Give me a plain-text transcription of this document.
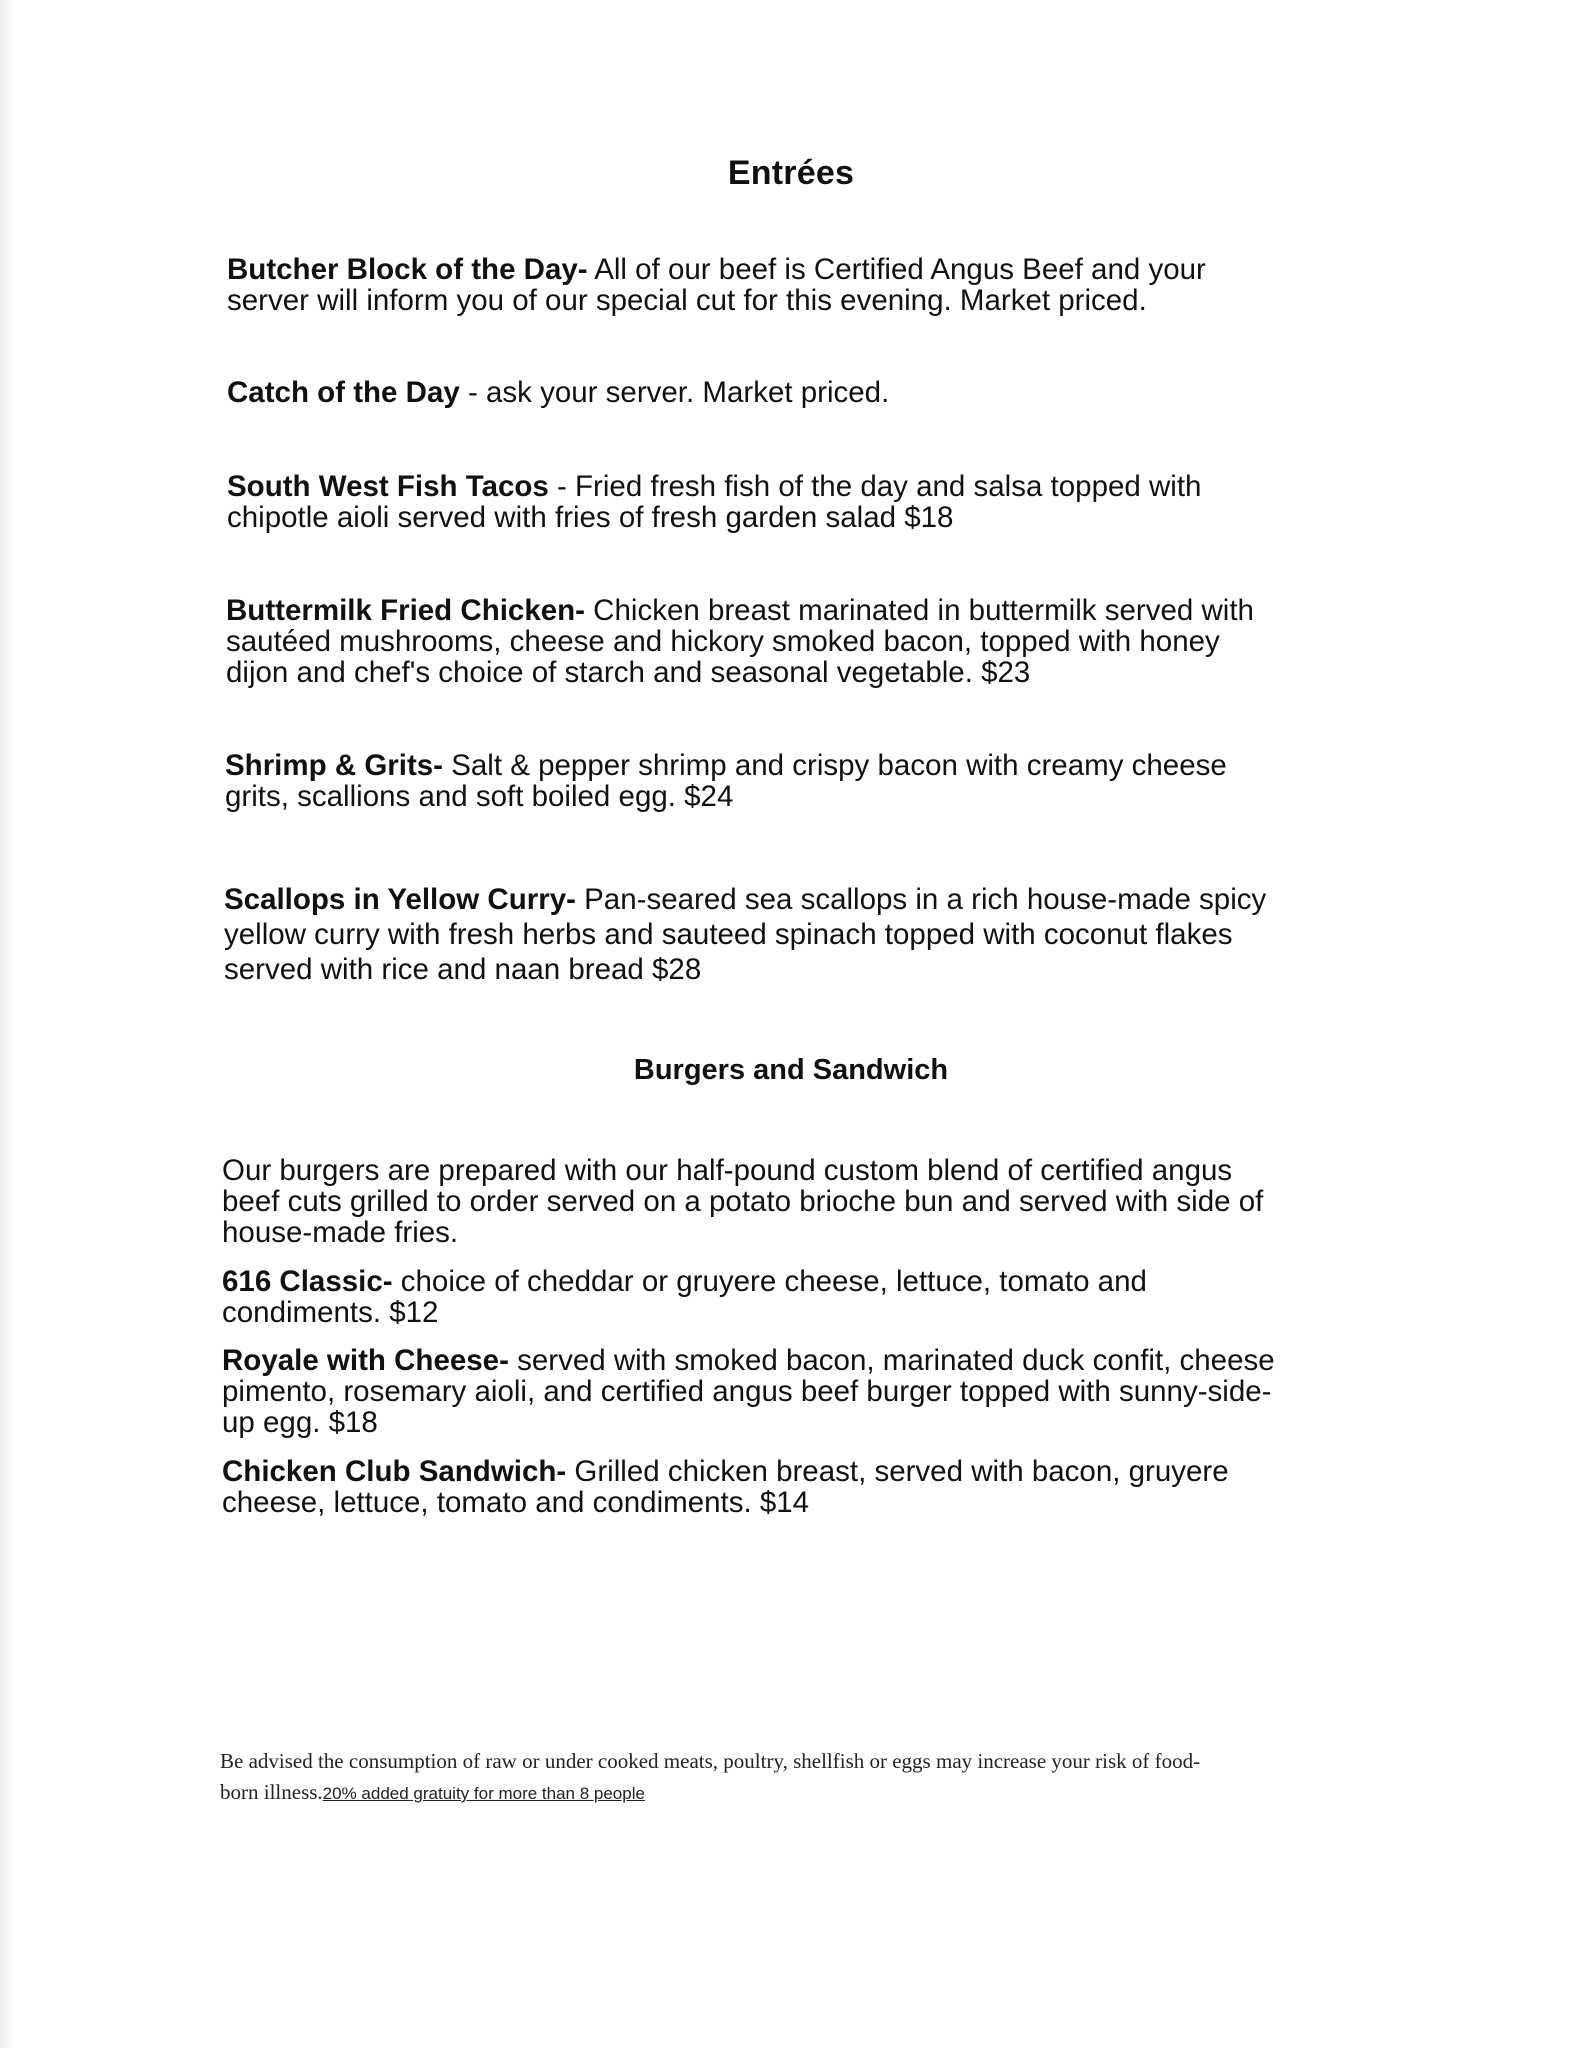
Entrées
Butcher Block of the Day- All of our beef is Certified Angus Beef and your
server will inform you of our special cut for this evening. Market priced.
Catch of the Day - ask your server. Market priced.
South West Fish Tacos - Fried fresh fish of the day and salsa topped with
chipotle aioli served with fries of fresh garden salad $18
Buttermilk Fried Chicken- Chicken breast marinated in buttermilk served with
sautéed mushrooms, cheese and hickory smoked bacon, topped with honey
dijon and chef's choice of starch and seasonal vegetable. $23
Shrimp & Grits- Salt & pepper shrimp and crispy bacon with creamy cheese
grits, scallions and soft boiled egg. $24
Scallops in Yellow Curry- Pan-seared sea scallops in a rich house-made spicy
yellow curry with fresh herbs and sauteed spinach topped with coconut flakes
served with rice and naan bread $28
Burgers and Sandwich
Our burgers are prepared with our half-pound custom blend of certified angus
beef cuts grilled to order served on a potato brioche bun and served with side of
house-made fries.
616 Classic- choice of cheddar or gruyere cheese, lettuce, tomato and
condiments. $12
Royale with Cheese- served with smoked bacon, marinated duck confit, cheese
pimento, rosemary aioli, and certified angus beef burger topped with sunny-side-
up egg. $18
Chicken Club Sandwich- Grilled chicken breast, served with bacon, gruyere
cheese, lettuce, tomato and condiments. $14
Be advised the consumption of raw or under cooked meats, poultry, shellfish or eggs may increase your risk of food-
born illness.20% added gratuity for more than 8 people
